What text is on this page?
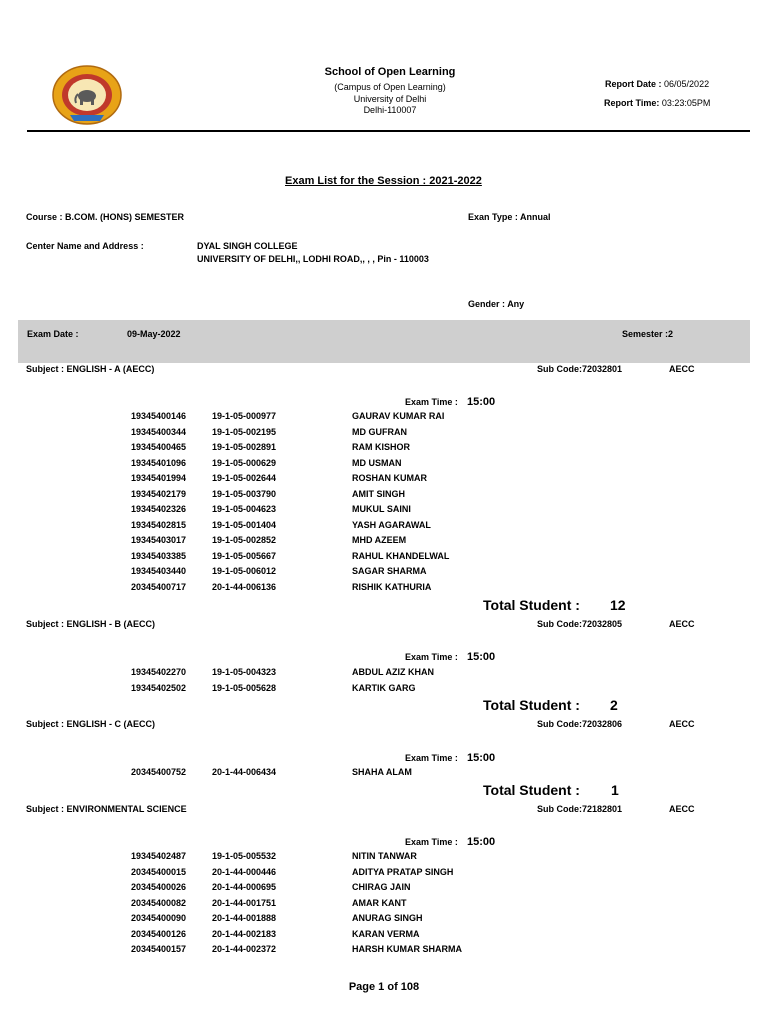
School of Open Learning
(Campus of Open Learning)
University of Delhi
Delhi-110007
Report Date : 06/05/2022
Report Time: 03:23:05PM
Exam List for the Session : 2021-2022
Course : B.COM. (HONS) SEMESTER	Exan Type : Annual
Center Name and Address :	DYAL SINGH COLLEGE
UNIVERSITY OF DELHI,, LODHI ROAD,, , , Pin - 110003
Gender : Any
Exam Date :	09-May-2022	Semester :2
Subject : ENGLISH - A (AECC)	Sub Code:72032801	AECC
Exam Time : 15:00
19345400146	19-1-05-000977	GAURAV KUMAR RAI
19345400344	19-1-05-002195	MD GUFRAN
19345400465	19-1-05-002891	RAM KISHOR
19345401096	19-1-05-000629	MD USMAN
19345401994	19-1-05-002644	ROSHAN KUMAR
19345402179	19-1-05-003790	AMIT SINGH
19345402326	19-1-05-004623	MUKUL SAINI
19345402815	19-1-05-001404	YASH AGARAWAL
19345403017	19-1-05-002852	MHD AZEEM
19345403385	19-1-05-005667	RAHUL KHANDELWAL
19345403440	19-1-05-006012	SAGAR SHARMA
20345400717	20-1-44-006136	RISHIK KATHURIA
Total Student : 12
Subject : ENGLISH - B (AECC)	Sub Code:72032805	AECC
Exam Time : 15:00
19345402270	19-1-05-004323	ABDUL AZIZ KHAN
19345402502	19-1-05-005628	KARTIK GARG
Total Student : 2
Subject : ENGLISH - C (AECC)	Sub Code:72032806	AECC
Exam Time : 15:00
20345400752	20-1-44-006434	SHAHA ALAM
Total Student : 1
Subject : ENVIRONMENTAL SCIENCE	Sub Code:72182801	AECC
Exam Time : 15:00
19345402487	19-1-05-005532	NITIN TANWAR
20345400015	20-1-44-000446	ADITYA PRATAP SINGH
20345400026	20-1-44-000695	CHIRAG JAIN
20345400082	20-1-44-001751	AMAR KANT
20345400090	20-1-44-001888	ANURAG SINGH
20345400126	20-1-44-002183	KARAN VERMA
20345400157	20-1-44-002372	HARSH KUMAR SHARMA
Page 1 of 108
